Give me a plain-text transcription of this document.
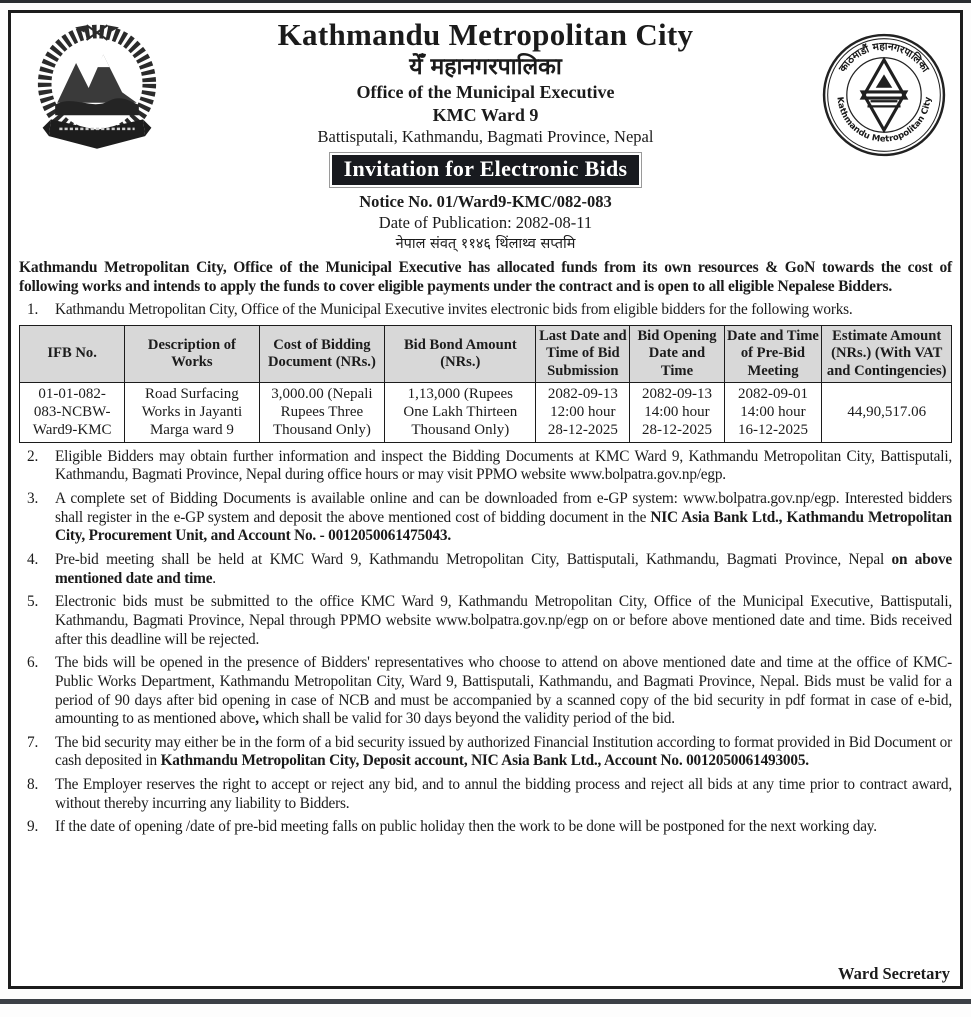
काठमाडौं महानगरपालिका
Kathmandu Metropolitan City
Kathmandu Metropolitan City
येँ महानगरपालिका
Office of the Municipal Executive
KMC Ward 9
Battisputali, Kathmandu, Bagmati Province, Nepal
Invitation for Electronic Bids
Notice No. 01/Ward9-KMC/082-083
Date of Publication: 2082-08-11
नेपाल संवत् ११४६ थिंलाथ्व सप्तमि
Kathmandu Metropolitan City, Office of the Municipal Executive has allocated funds from its own resources & GoN towards the cost of following works and intends to apply the funds to cover eligible payments under the contract and is open to all eligible Nepalese Bidders.
1. Kathmandu Metropolitan City, Office of the Municipal Executive invites electronic bids from eligible bidders for the following works.
IFB No.	Description of Works	Cost of Bidding Document (NRs.)	Bid Bond Amount (NRs.)	Last Date and Time of Bid Submission	Bid Opening Date and Time	Date and Time of Pre-Bid Meeting	Estimate Amount (NRs.) (With VAT and Contingencies)
01-01-082-
083-NCBW-
Ward9-KMC	Road Surfacing
Works in Jayanti
Marga ward 9	3,000.00 (Nepali
Rupees Three
Thousand Only)	1,13,000 (Rupees
One Lakh Thirteen
Thousand Only)	2082-09-13
12:00 hour
28-12-2025	2082-09-13
14:00 hour
28-12-2025	2082-09-01
14:00 hour
16-12-2025	44,90,517.06
2. Eligible Bidders may obtain further information and inspect the Bidding Documents at KMC Ward 9, Kathmandu Metropolitan City, Battisputali, Kathmandu, Bagmati Province, Nepal during office hours or may visit PPMO website www.bolpatra.gov.np/egp.
3. A complete set of Bidding Documents is available online and can be downloaded from e-GP system: www.bolpatra.gov.np/egp. Interested bidders shall register in the e-GP system and deposit the above mentioned cost of bidding document in the NIC Asia Bank Ltd., Kathmandu Metropolitan City, Procurement Unit, and Account No. - 0012050061475043.
4. Pre-bid meeting shall be held at KMC Ward 9, Kathmandu Metropolitan City, Battisputali, Kathmandu, Bagmati Province, Nepal on above mentioned date and time.
5. Electronic bids must be submitted to the office KMC Ward 9, Kathmandu Metropolitan City, Office of the Municipal Executive, Battisputali, Kathmandu, Bagmati Province, Nepal through PPMO website www.bolpatra.gov.np/egp on or before above mentioned date and time. Bids received after this deadline will be rejected.
6. The bids will be opened in the presence of Bidders' representatives who choose to attend on above mentioned date and time at the office of KMC-Public Works Department, Kathmandu Metropolitan City, Ward 9, Battisputali, Kathmandu, and Bagmati Province, Nepal. Bids must be valid for a period of 90 days after bid opening in case of NCB and must be accompanied by a scanned copy of the bid security in pdf format in case of e-bid, amounting to as mentioned above, which shall be valid for 30 days beyond the validity period of the bid.
7. The bid security may either be in the form of a bid security issued by authorized Financial Institution according to format provided in Bid Document or cash deposited in Kathmandu Metropolitan City, Deposit account, NIC Asia Bank Ltd., Account No. 0012050061493005.
8. The Employer reserves the right to accept or reject any bid, and to annul the bidding process and reject all bids at any time prior to contract award, without thereby incurring any liability to Bidders.
9. If the date of opening /date of pre-bid meeting falls on public holiday then the work to be done will be postponed for the next working day.
Ward Secretary
